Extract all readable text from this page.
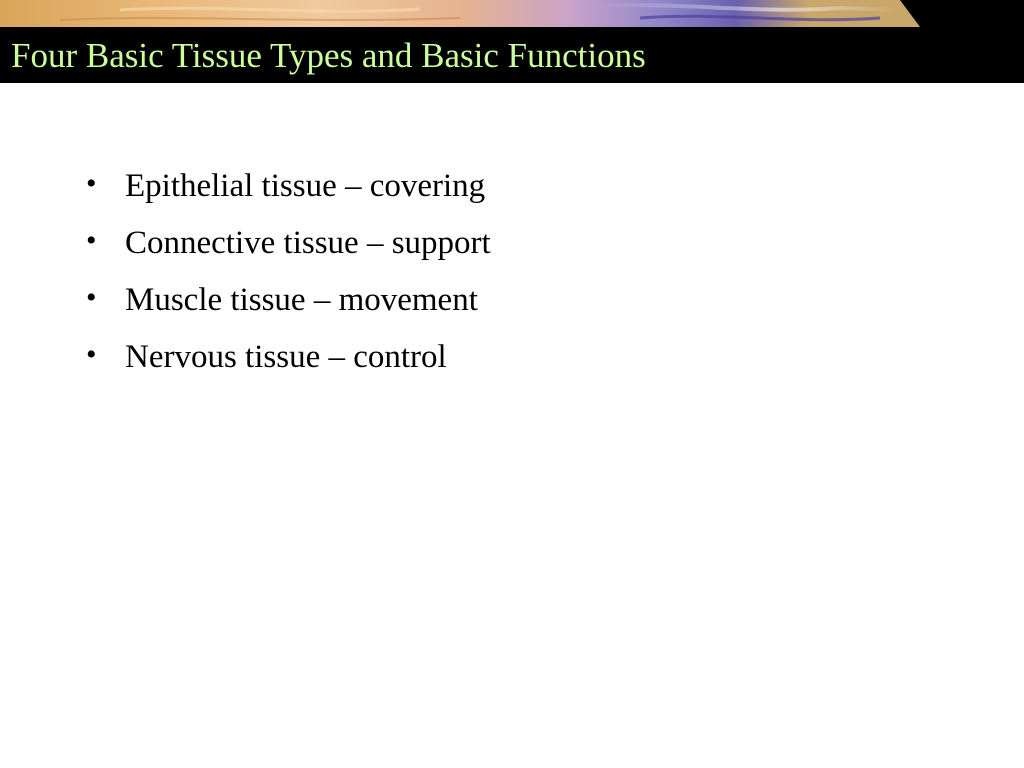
Four Basic Tissue Types and Basic Functions
• Epithelial tissue – covering
• Connective tissue – support
• Muscle tissue – movement
• Nervous tissue – control
